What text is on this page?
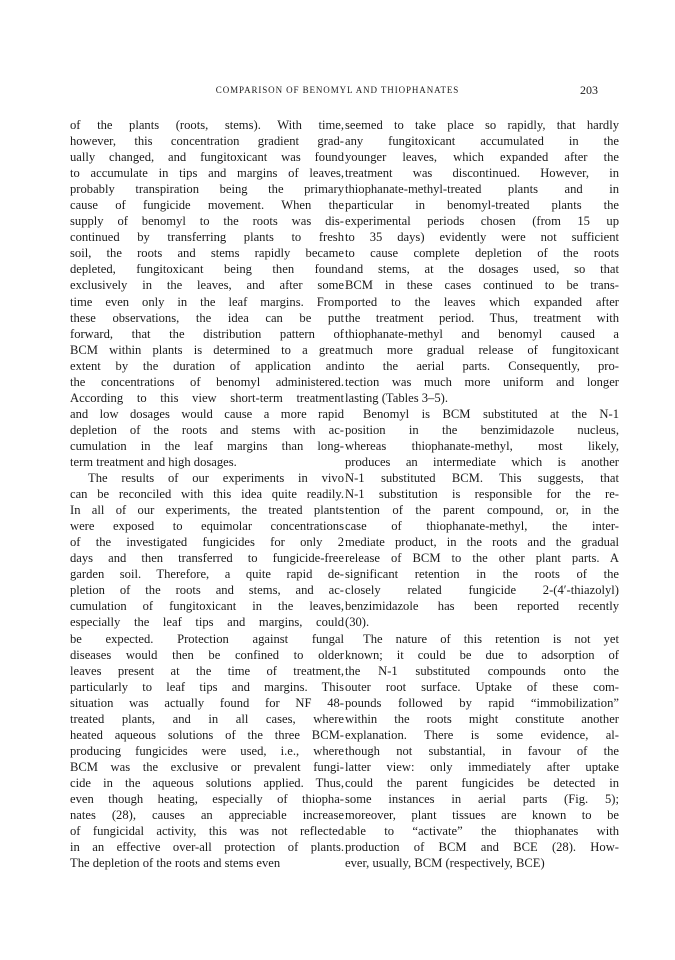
COMPARISON OF BENOMYL AND THIOPHANATES	203
of the plants (roots, stems). With time,
however, this concentration gradient grad-
ually changed, and fungitoxicant was found
to accumulate in tips and margins of leaves,
probably transpiration being the primary
cause of fungicide movement. When the
supply of benomyl to the roots was dis-
continued by transferring plants to fresh
soil, the roots and stems rapidly became
depleted, fungitoxicant being then found
exclusively in the leaves, and after some
time even only in the leaf margins. From
these observations, the idea can be put
forward, that the distribution pattern of
BCM within plants is determined to a great
extent by the duration of application and
the concentrations of benomyl administered.
According to this view short-term treatment
and low dosages would cause a more rapid
depletion of the roots and stems with ac-
cumulation in the leaf margins than long-
term treatment and high dosages.
The results of our experiments in vivo
can be reconciled with this idea quite readily.
In all of our experiments, the treated plants
were exposed to equimolar concentrations
of the investigated fungicides for only 2
days and then transferred to fungicide-free
garden soil. Therefore, a quite rapid de-
pletion of the roots and stems, and ac-
cumulation of fungitoxicant in the leaves,
especially the leaf tips and margins, could
be expected. Protection against fungal
diseases would then be confined to older
leaves present at the time of treatment,
particularly to leaf tips and margins. This
situation was actually found for NF 48-
treated plants, and in all cases, where
heated aqueous solutions of the three BCM-
producing fungicides were used, i.e., where
BCM was the exclusive or prevalent fungi-
cide in the aqueous solutions applied. Thus,
even though heating, especially of thiopha-
nates (28), causes an appreciable increase
of fungicidal activity, this was not reflected
in an effective over-all protection of plants.
The depletion of the roots and stems even
seemed to take place so rapidly, that hardly
any fungitoxicant accumulated in the
younger leaves, which expanded after the
treatment was discontinued. However, in
thiophanate-methyl-treated plants and in
particular in benomyl-treated plants the
experimental periods chosen (from 15 up
to 35 days) evidently were not sufficient
to cause complete depletion of the roots
and stems, at the dosages used, so that
BCM in these cases continued to be trans-
ported to the leaves which expanded after
the treatment period. Thus, treatment with
thiophanate-methyl and benomyl caused a
much more gradual release of fungitoxicant
into the aerial parts. Consequently, pro-
tection was much more uniform and longer
lasting (Tables 3–5).
Benomyl is BCM substituted at the N-1
position in the benzimidazole nucleus,
whereas thiophanate-methyl, most likely,
produces an intermediate which is another
N-1 substituted BCM. This suggests, that
N-1 substitution is responsible for the re-
tention of the parent compound, or, in the
case of thiophanate-methyl, the inter-
mediate product, in the roots and the gradual
release of BCM to the other plant parts. A
significant retention in the roots of the
closely related fungicide 2-(4′-thiazolyl)
benzimidazole has been reported recently
(30).
The nature of this retention is not yet
known; it could be due to adsorption of
the N-1 substituted compounds onto the
outer root surface. Uptake of these com-
pounds followed by rapid “immobilization”
within the roots might constitute another
explanation. There is some evidence, al-
though not substantial, in favour of the
latter view: only immediately after uptake
could the parent fungicides be detected in
some instances in aerial parts (Fig. 5);
moreover, plant tissues are known to be
able to “activate” the thiophanates with
production of BCM and BCE (28). How-
ever, usually, BCM (respectively, BCE)
